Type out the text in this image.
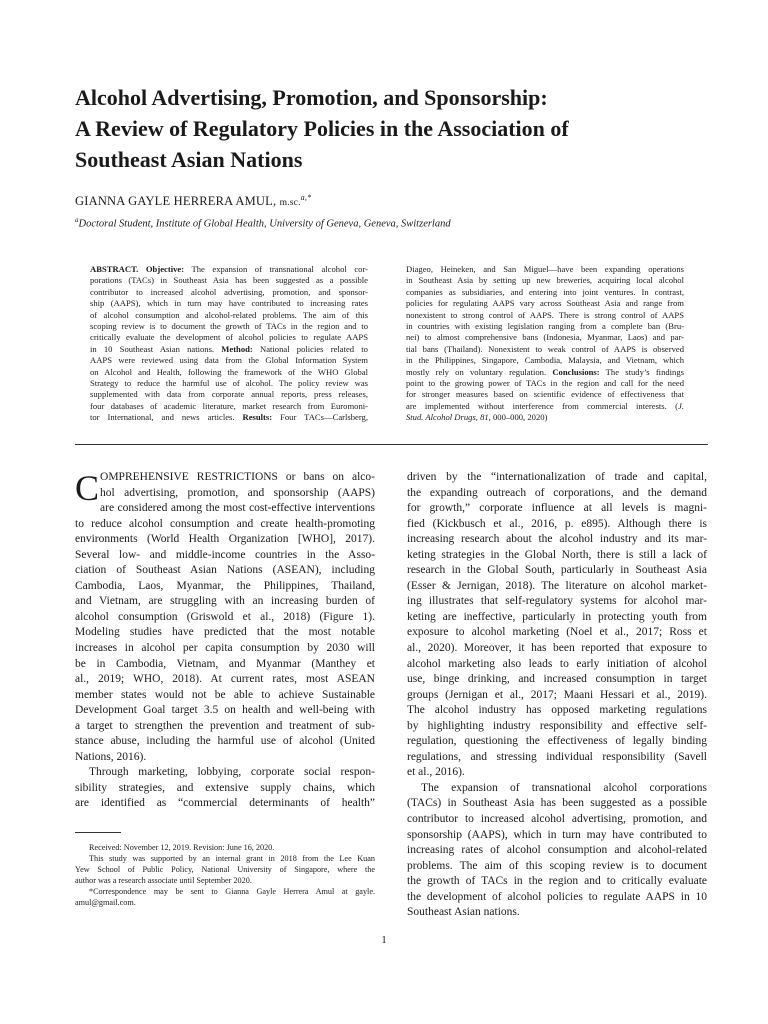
Alcohol Advertising, Promotion, and Sponsorship:
A Review of Regulatory Policies in the Association of
Southeast Asian Nations
GIANNA GAYLE HERRERA AMUL, m.sc.$^{a,*}$
$^a$Doctoral Student, Institute of Global Health, University of Geneva, Geneva, Switzerland
ABSTRACT. Objective: The expansion of transnational alcohol cor-
porations (TACs) in Southeast Asia has been suggested as a possible
contributor to increased alcohol advertising, promotion, and sponsor-
ship (AAPS), which in turn may have contributed to increasing rates
of alcohol consumption and alcohol-related problems. The aim of this
scoping review is to document the growth of TACs in the region and to
critically evaluate the development of alcohol policies to regulate AAPS
in 10 Southeast Asian nations. Method: National policies related to
AAPS were reviewed using data from the Global Information System
on Alcohol and Health, following the framework of the WHO Global
Strategy to reduce the harmful use of alcohol. The policy review was
supplemented with data from corporate annual reports, press releases,
four databases of academic literature, market research from Euromoni-
tor International, and news articles. Results: Four TACs—Carlsberg,
Diageo, Heineken, and San Miguel—have been expanding operations
in Southeast Asia by setting up new breweries, acquiring local alcohol
companies as subsidiaries, and entering into joint ventures. In contrast,
policies for regulating AAPS vary across Southeast Asia and range from
nonexistent to strong control of AAPS. There is strong control of AAPS
in countries with existing legislation ranging from a complete ban (Bru-
nei) to almost comprehensive bans (Indonesia, Myanmar, Laos) and par-
tial bans (Thailand). Nonexistent to weak control of AAPS is observed
in the Philippines, Singapore, Cambodia, Malaysia, and Vietnam, which
mostly rely on voluntary regulation. Conclusions: The study’s findings
point to the growing power of TACs in the region and call for the need
for stronger measures based on scientific evidence of effectiveness that
are implemented without interference from commercial interests. (J.
Stud. Alcohol Drugs, 81, 000–000, 2020)
C OMPREHENSIVE RESTRICTIONS or bans on alco-
hol advertising, promotion, and sponsorship (AAPS)
are considered among the most cost-effective interventions
to reduce alcohol consumption and create health-promoting
environments (World Health Organization [WHO], 2017).
Several low- and middle-income countries in the Asso-
ciation of Southeast Asian Nations (ASEAN), including
Cambodia, Laos, Myanmar, the Philippines, Thailand,
and Vietnam, are struggling with an increasing burden of
alcohol consumption (Griswold et al., 2018) (Figure 1).
Modeling studies have predicted that the most notable
increases in alcohol per capita consumption by 2030 will
be in Cambodia, Vietnam, and Myanmar (Manthey et
al., 2019; WHO, 2018). At current rates, most ASEAN
member states would not be able to achieve Sustainable
Development Goal target 3.5 on health and well-being with
a target to strengthen the prevention and treatment of sub-
stance abuse, including the harmful use of alcohol (United
Nations, 2016).
Through marketing, lobbying, corporate social respon-
sibility strategies, and extensive supply chains, which
are identified as “commercial determinants of health”
driven by the “internationalization of trade and capital,
the expanding outreach of corporations, and the demand
for growth,” corporate influence at all levels is magni-
fied (Kickbusch et al., 2016, p. e895). Although there is
increasing research about the alcohol industry and its mar-
keting strategies in the Global North, there is still a lack of
research in the Global South, particularly in Southeast Asia
(Esser & Jernigan, 2018). The literature on alcohol market-
ing illustrates that self-regulatory systems for alcohol mar-
keting are ineffective, particularly in protecting youth from
exposure to alcohol marketing (Noel et al., 2017; Ross et
al., 2020). Moreover, it has been reported that exposure to
alcohol marketing also leads to early initiation of alcohol
use, binge drinking, and increased consumption in target
groups (Jernigan et al., 2017; Maani Hessari et al., 2019).
The alcohol industry has opposed marketing regulations
by highlighting industry responsibility and effective self-
regulation, questioning the effectiveness of legally binding
regulations, and stressing individual responsibility (Savell
et al., 2016).
The expansion of transnational alcohol corporations
(TACs) in Southeast Asia has been suggested as a possible
contributor to increased alcohol advertising, promotion, and
sponsorship (AAPS), which in turn may have contributed to
increasing rates of alcohol consumption and alcohol-related
problems. The aim of this scoping review is to document
the growth of TACs in the region and to critically evaluate
the development of alcohol policies to regulate AAPS in 10
Southeast Asian nations.
Received: November 12, 2019. Revision: June 16, 2020.
This study was supported by an internal grant in 2018 from the Lee Kuan
Yew School of Public Policy, National University of Singapore, where the
author was a research associate until September 2020.
*Correspondence may be sent to Gianna Gayle Herrera Amul at gayle.
amul@gmail.com.
1
